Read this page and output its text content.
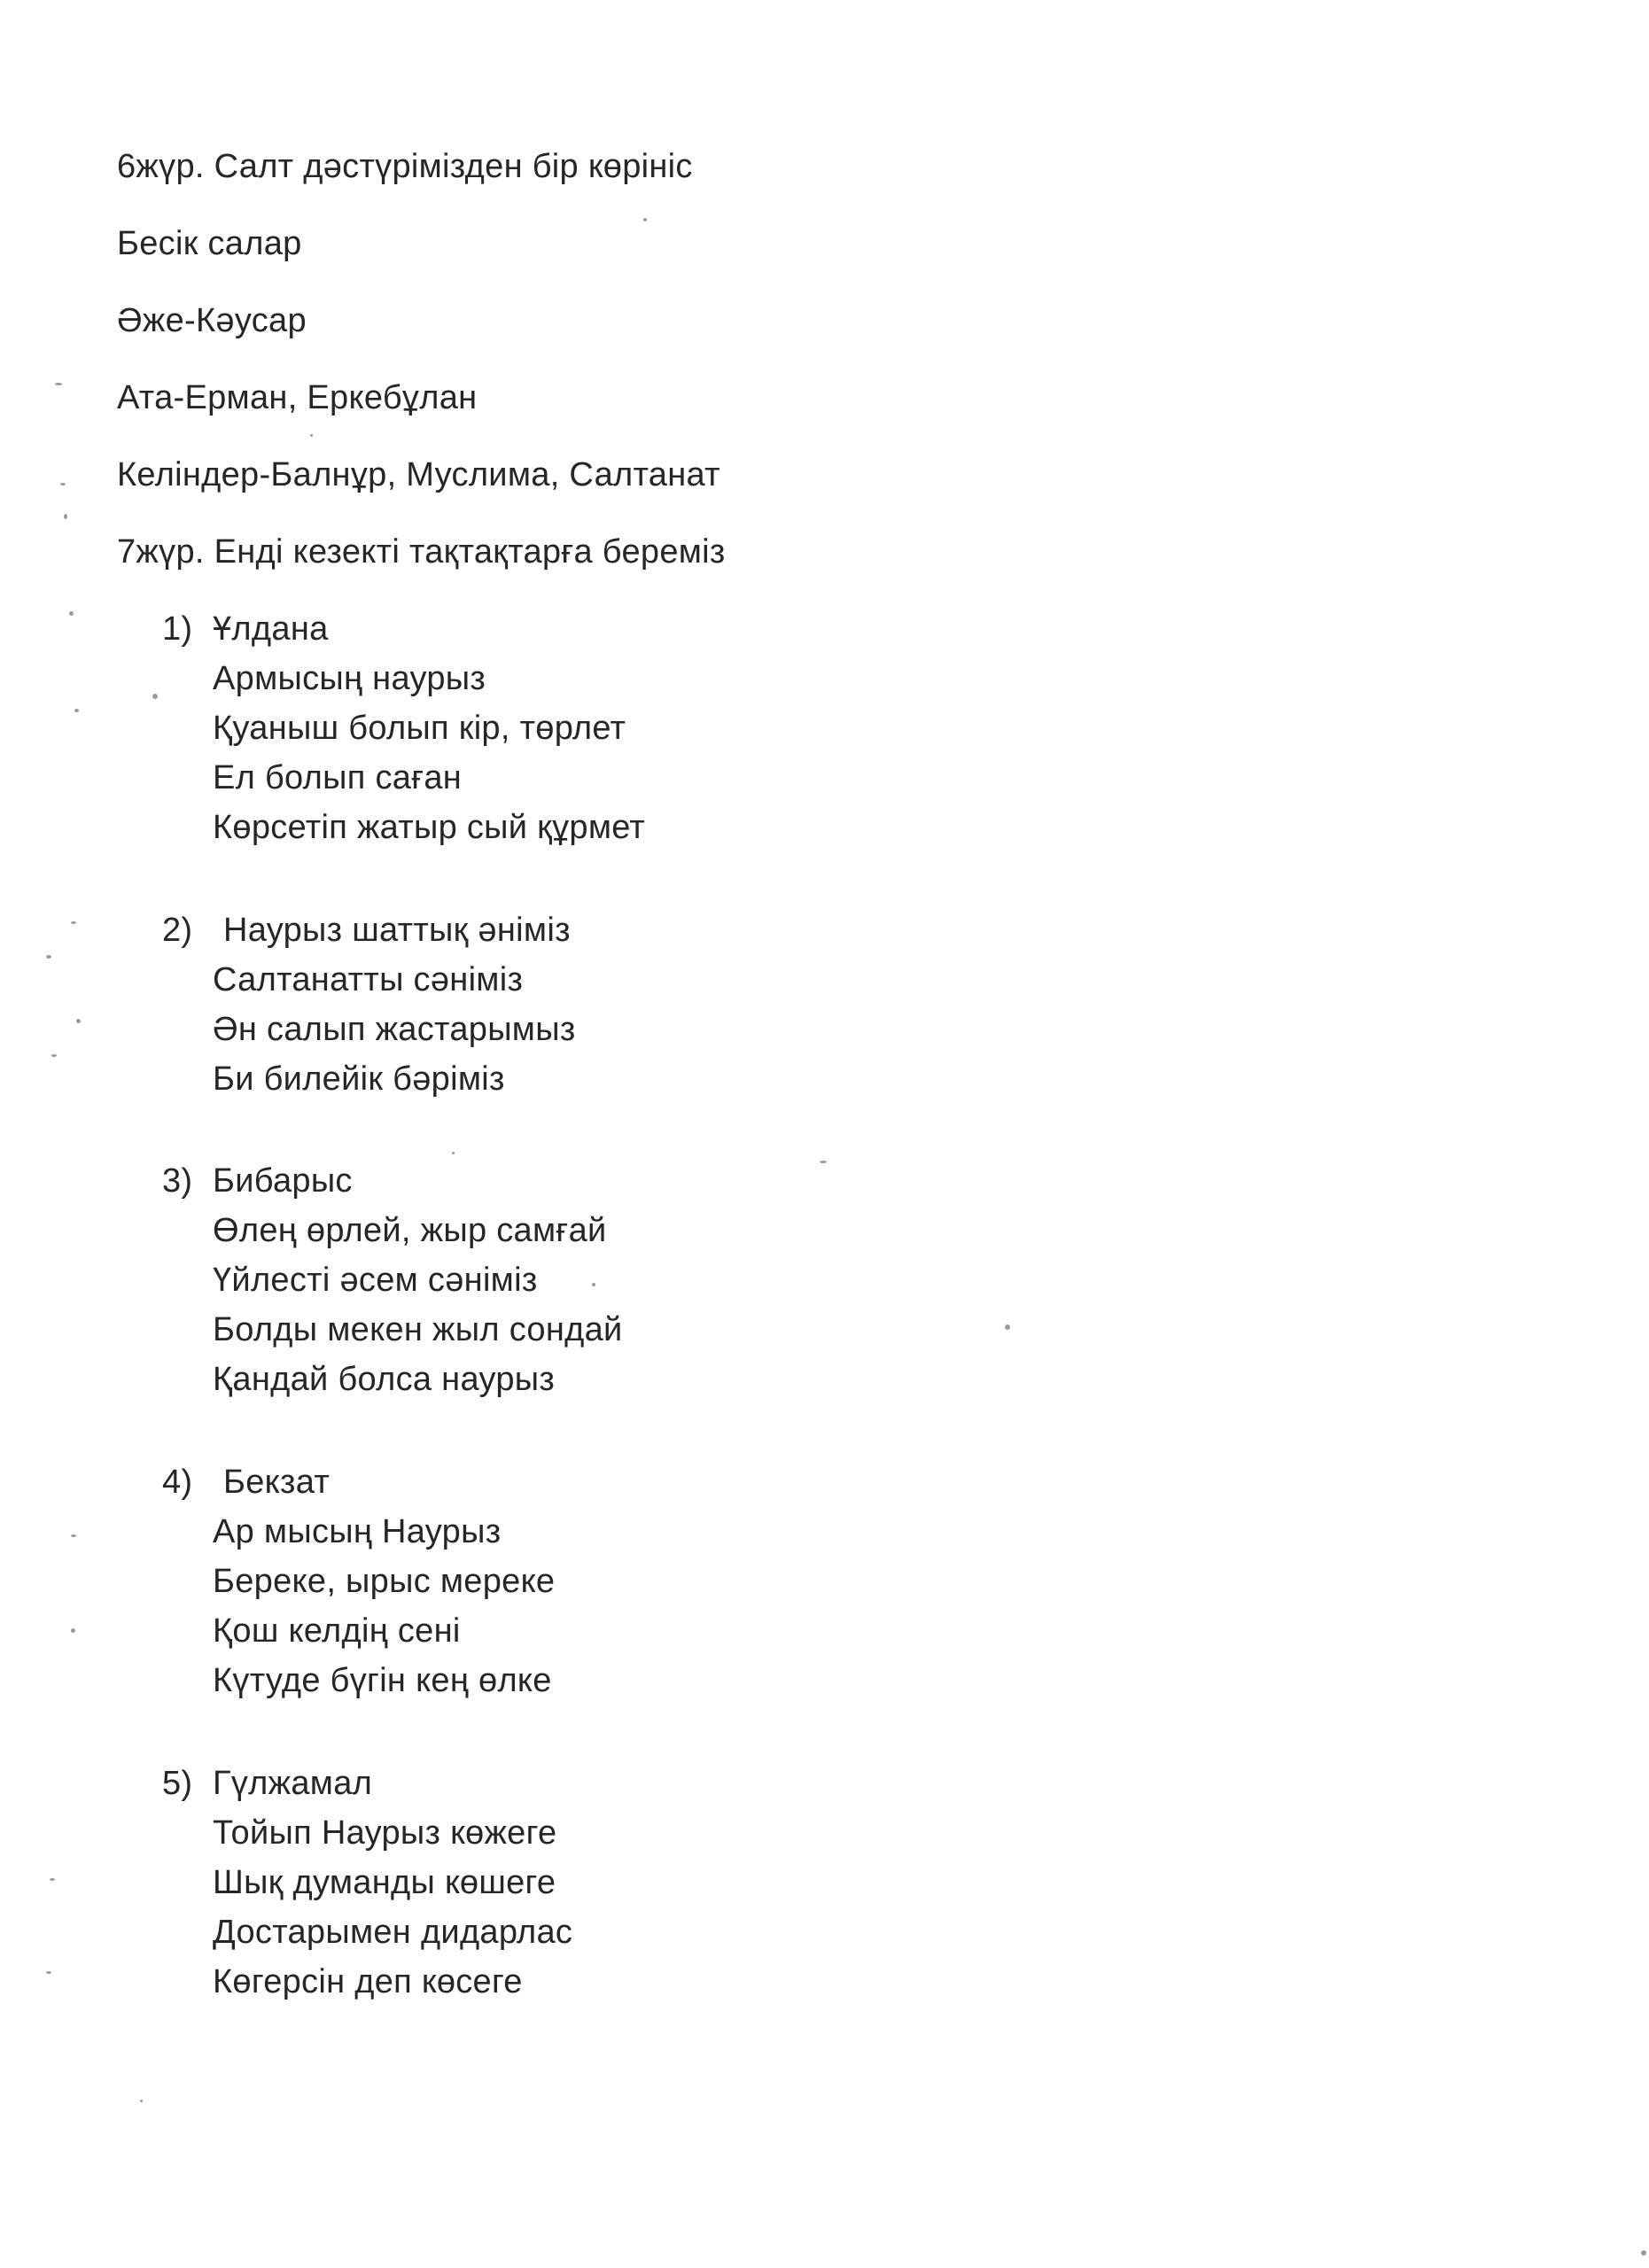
6жүр. Салт дәстүрімізден бір көрініс
Бесік салар
Әже-Кәусар
Ата-Ерман, Еркебұлан
Келіндер-Балнұр, Муслима, Салтанат
7жүр. Енді кезекті тақтақтарға береміз
1) Ұлдана
Армысың наурыз
Қуаныш болып кір, төрлет
Ел болып саған
Көрсетіп жатыр сый құрмет
2) Наурыз шаттық әніміз
Салтанатты сәніміз
Ән салып жастарымыз
Би билейік бәріміз
3) Бибарыс
Өлең өрлей, жыр самғай
Үйлесті әсем сәніміз
Болды мекен жыл сондай
Қандай болса наурыз
4) Бекзат
Ар мысың Наурыз
Береке, ырыс мереке
Қош келдің сені
Күтуде бүгін кең өлке
5) Гүлжамал
Тойып Наурыз көжеге
Шық думанды көшеге
Достарымен дидарлас
Көгерсін деп көсеге
